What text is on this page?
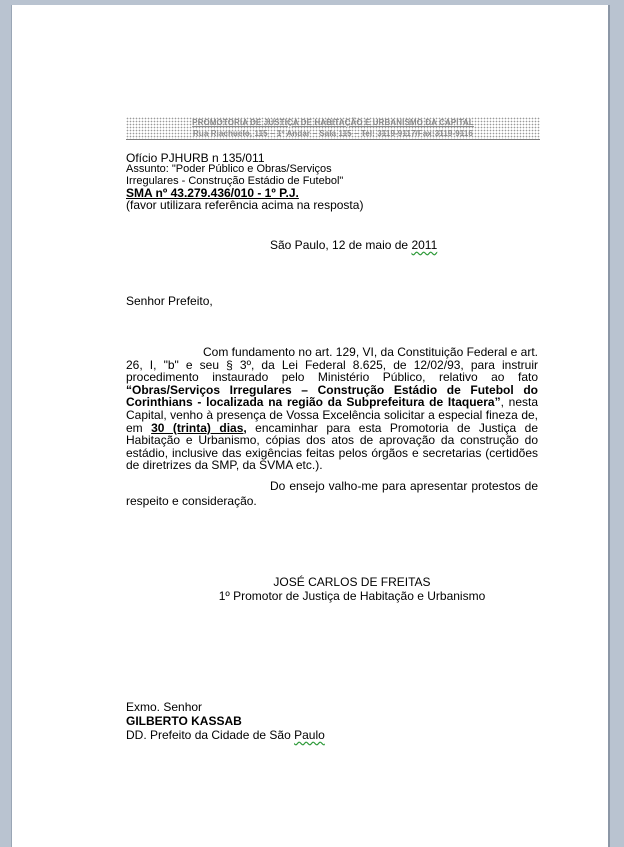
PROMOTORIA DE JUSTIÇA DE HABITAÇÃO E URBANISMO DA CAPITAL
Rua Riachuelo, 115 – 1º Andar – Sala 115 – Tel: 3119-9117/Fax:3119-9116
Ofício PJHURB n 135/011
Assunto: "Poder Público e Obras/Serviços
Irregulares - Construção Estádio de Futebol"
SMA nº 43.279.436/010 - 1º P.J.
(favor utilizara referência acima na resposta)
São Paulo, 12 de maio de 2011
Senhor Prefeito,

Com fundamento no art. 129, VI, da Constituição Federal e art. 26, I, "b" e seu § 3º, da Lei Federal 8.625, de 12/02/93, para instruir procedimento instaurado pelo Ministério Público, relativo ao fato “Obras/Serviços Irregulares – Construção Estádio de Futebol do Corinthians - localizada na região da Subprefeitura de Itaquera”, nesta Capital, venho à presença de Vossa Excelência solicitar a especial fineza de, em 30 (trinta) dias, encaminhar para esta Promotoria de Justiça de Habitação e Urbanismo, cópias dos atos de aprovação da construção do estádio, inclusive das exigências feitas pelos órgãos e secretarias (certidões de diretrizes da SMP, da SVMA etc.).

Do ensejo valho-me para apresentar protestos de respeito e consideração.
JOSÉ CARLOS DE FREITAS
1º Promotor de Justiça de Habitação e Urbanismo
Exmo. Senhor
GILBERTO KASSAB
DD. Prefeito da Cidade de São Paulo
